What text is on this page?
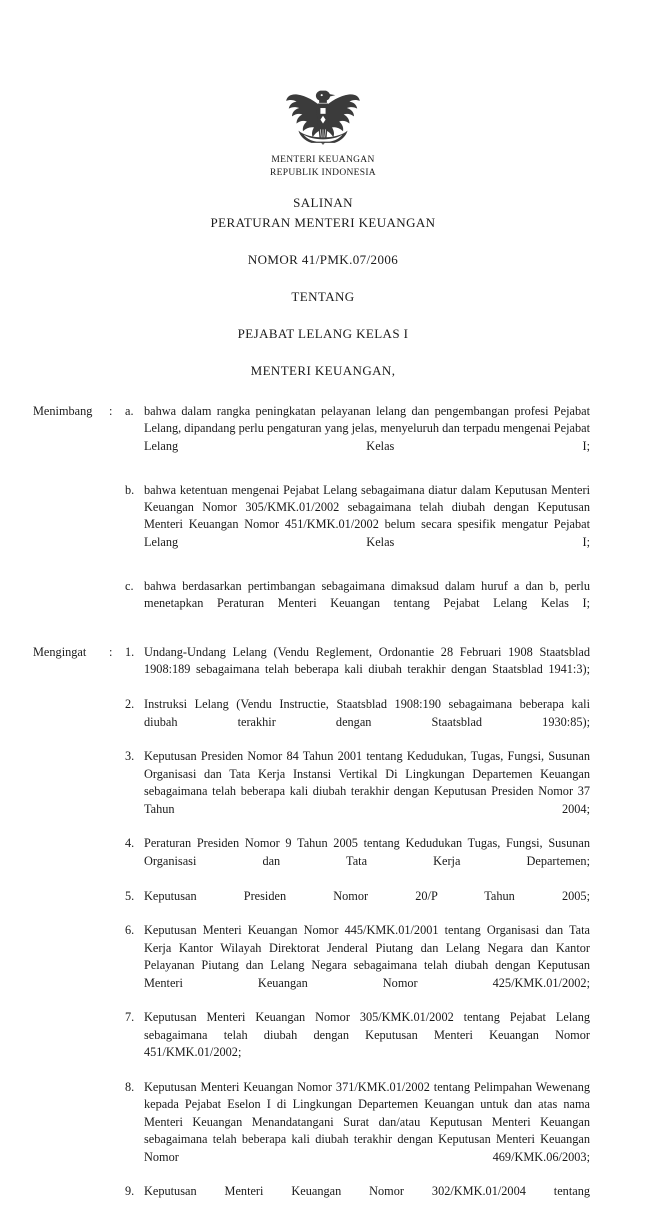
MENTERI KEUANGAN
REPUBLIK INDONESIA
SALINAN
PERATURAN MENTERI KEUANGAN
NOMOR 41/PMK.07/2006
TENTANG
PEJABAT LELANG KELAS I
MENTERI KEUANGAN,
Menimbang	:	a. bahwa dalam rangka peningkatan pelayanan lelang dan pengembangan profesi Pejabat Lelang, dipandang perlu pengaturan yang jelas, menyeluruh dan terpadu mengenai Pejabat Lelang Kelas I;
b. bahwa ketentuan mengenai Pejabat Lelang sebagaimana diatur dalam Keputusan Menteri Keuangan Nomor 305/KMK.01/2002 sebagaimana telah diubah dengan Keputusan Menteri Keuangan Nomor 451/KMK.01/2002 belum secara spesifik mengatur Pejabat Lelang Kelas I;
c. bahwa berdasarkan pertimbangan sebagaimana dimaksud dalam huruf a dan b, perlu menetapkan Peraturan Menteri Keuangan tentang Pejabat Lelang Kelas I;
Mengingat	:	1. Undang-Undang Lelang (Vendu Reglement, Ordonantie 28 Februari 1908 Staatsblad 1908:189 sebagaimana telah beberapa kali diubah terakhir dengan Staatsblad 1941:3);
2. Instruksi Lelang (Vendu Instructie, Staatsblad 1908:190 sebagaimana beberapa kali diubah terakhir dengan Staatsblad 1930:85);
3. Keputusan Presiden Nomor 84 Tahun 2001 tentang Kedudukan, Tugas, Fungsi, Susunan Organisasi dan Tata Kerja Instansi Vertikal Di Lingkungan Departemen Keuangan sebagaimana telah beberapa kali diubah terakhir dengan Keputusan Presiden Nomor 37 Tahun 2004;
4. Peraturan Presiden Nomor 9 Tahun 2005 tentang Kedudukan Tugas, Fungsi, Susunan Organisasi dan Tata Kerja Departemen;
5. Keputusan Presiden Nomor 20/P Tahun 2005;
6. Keputusan Menteri Keuangan Nomor 445/KMK.01/2001 tentang Organisasi dan Tata Kerja Kantor Wilayah Direktorat Jenderal Piutang dan Lelang Negara dan Kantor Pelayanan Piutang dan Lelang Negara sebagaimana telah diubah dengan Keputusan Menteri Keuangan Nomor 425/KMK.01/2002;
7. Keputusan Menteri Keuangan Nomor 305/KMK.01/2002 tentang Pejabat Lelang sebagaimana telah diubah dengan Keputusan Menteri Keuangan Nomor 451/KMK.01/2002;
8. Keputusan Menteri Keuangan Nomor 371/KMK.01/2002 tentang Pelimpahan Wewenang kepada Pejabat Eselon I di Lingkungan Departemen Keuangan untuk dan atas nama Menteri Keuangan Menandatangani Surat dan/atau Keputusan Menteri Keuangan sebagaimana telah beberapa kali diubah terakhir dengan Keputusan Menteri Keuangan Nomor 469/KMK.06/2003;
9. Keputusan Menteri Keuangan Nomor 302/KMK.01/2004 tentang
